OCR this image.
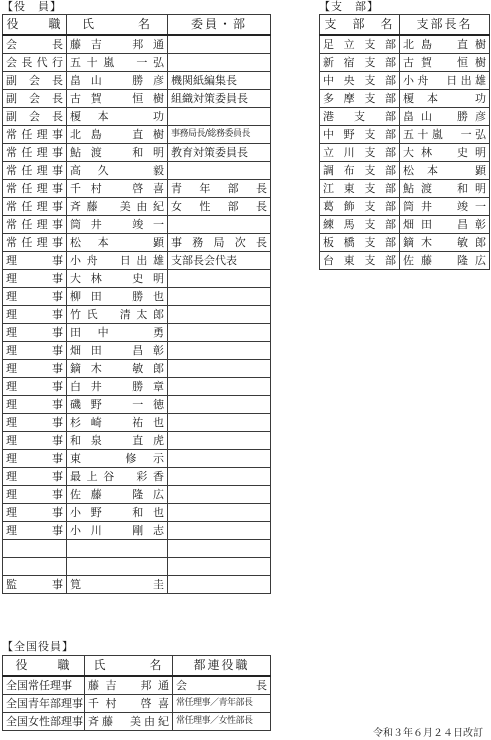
【役　員】
役　　職	氏　　　名	委員・部
会長	藤吉　邦通	
会長代行	五十嵐　一弘	
副会長	畠山　勝彦	機関紙編集長
副会長	古賀　恒樹	組織対策委員長
副会長	榎本　功	
常任理事	北島　直樹	事務局長/総務委員長
常任理事	鮎渡　和明	教育対策委員長
常任理事	高久　毅	
常任理事	千村　啓喜	青年部長
常任理事	斉藤　美由紀	女性部長
常任理事	筒井　竣一	
常任理事	松本　顕	事務局次長
理事	小舟　日出雄	支部長会代表
理事	大林　史明	
理事	柳田　勝也	
理事	竹氏　清太郎	
理事	田中　勇	
理事	畑田　昌彰	
理事	鏑木　敏郎	
理事	白井　勝章	
理事	磯野　一徳	
理事	杉崎　祐也	
理事	和泉　直虎	
理事	東　修示	
理事	最上谷　彩香	
理事	佐藤　隆広	
理事	小野　和也	
理事	小川　剛志	

監事	筧　圭	
【支　部】
支　部　名	支部長名
足立支部	北島　直樹
新宿支部	古賀　恒樹
中央支部	小舟　日出雄
多摩支部	榎本　功
港支部	畠山　勝彦
中野支部	五十嵐　一弘
立川支部	大林　史明
調布支部	松本　顕
江東支部	鮎渡　和明
葛飾支部	筒井　竣一
練馬支部	畑田　昌彰
板橋支部	鏑木　敏郎
台東支部	佐藤　隆広
【全国役員】
役　　職	氏　　　名	都連役職
全国常任理事	藤吉　邦通	会長
全国青年部理事	千村　啓喜	常任理事／青年部長
全国女性部理事	斉藤　美由紀	常任理事／女性部長
令和３年６月２４日改訂
